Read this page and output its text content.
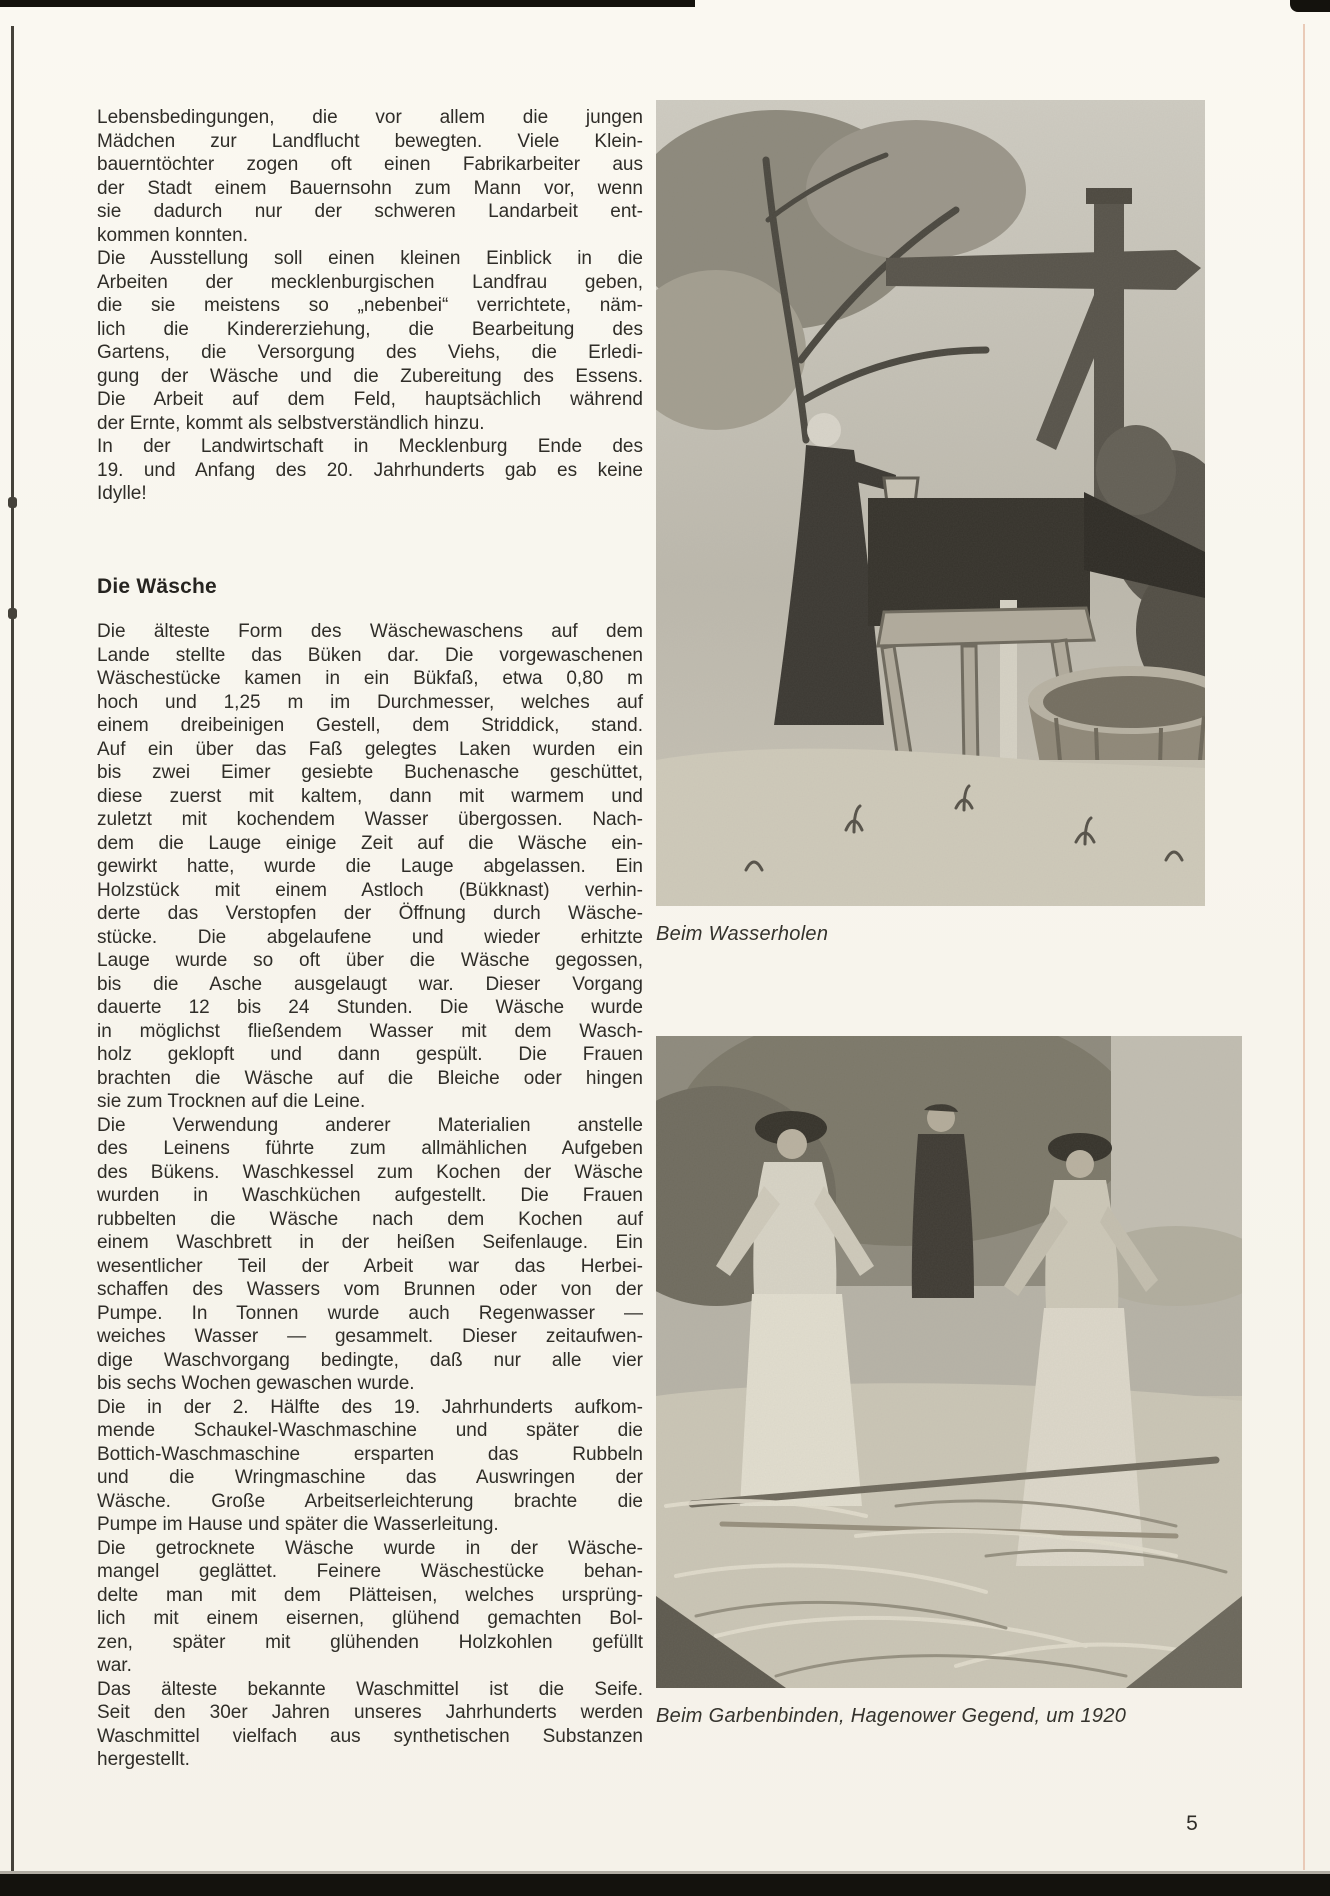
Lebensbedingungen, die vor allem die jungen
Mädchen zur Landflucht bewegten. Viele Klein-
bauerntöchter zogen oft einen Fabrikarbeiter aus
der Stadt einem Bauernsohn zum Mann vor, wenn
sie dadurch nur der schweren Landarbeit ent-
kommen konnten.
Die Ausstellung soll einen kleinen Einblick in die
Arbeiten der mecklenburgischen Landfrau geben,
die sie meistens so „nebenbei“ verrichtete, näm-
lich die Kindererziehung, die Bearbeitung des
Gartens, die Versorgung des Viehs, die Erledi-
gung der Wäsche und die Zubereitung des Essens.
Die Arbeit auf dem Feld, hauptsächlich während
der Ernte, kommt als selbstverständlich hinzu.
In der Landwirtschaft in Mecklenburg Ende des
19. und Anfang des 20. Jahrhunderts gab es keine
Idylle!
Die Wäsche
Die älteste Form des Wäschewaschens auf dem
Lande stellte das Büken dar. Die vorgewaschenen
Wäschestücke kamen in ein Bükfaß, etwa 0,80 m
hoch und 1,25 m im Durchmesser, welches auf
einem dreibeinigen Gestell, dem Striddick, stand.
Auf ein über das Faß gelegtes Laken wurden ein
bis zwei Eimer gesiebte Buchenasche geschüttet,
diese zuerst mit kaltem, dann mit warmem und
zuletzt mit kochendem Wasser übergossen. Nach-
dem die Lauge einige Zeit auf die Wäsche ein-
gewirkt hatte, wurde die Lauge abgelassen. Ein
Holzstück mit einem Astloch (Bükknast) verhin-
derte das Verstopfen der Öffnung durch Wäsche-
stücke. Die abgelaufene und wieder erhitzte
Lauge wurde so oft über die Wäsche gegossen,
bis die Asche ausgelaugt war. Dieser Vorgang
dauerte 12 bis 24 Stunden. Die Wäsche wurde
in möglichst fließendem Wasser mit dem Wasch-
holz geklopft und dann gespült. Die Frauen
brachten die Wäsche auf die Bleiche oder hingen
sie zum Trocknen auf die Leine.
Die Verwendung anderer Materialien anstelle
des Leinens führte zum allmählichen Aufgeben
des Bükens. Waschkessel zum Kochen der Wäsche
wurden in Waschküchen aufgestellt. Die Frauen
rubbelten die Wäsche nach dem Kochen auf
einem Waschbrett in der heißen Seifenlauge. Ein
wesentlicher Teil der Arbeit war das Herbei-
schaffen des Wassers vom Brunnen oder von der
Pumpe. In Tonnen wurde auch Regenwasser —
weiches Wasser — gesammelt. Dieser zeitaufwen-
dige Waschvorgang bedingte, daß nur alle vier
bis sechs Wochen gewaschen wurde.
Die in der 2. Hälfte des 19. Jahrhunderts aufkom-
mende Schaukel-Waschmaschine und später die
Bottich-Waschmaschine ersparten das Rubbeln
und die Wringmaschine das Auswringen der
Wäsche. Große Arbeitserleichterung brachte die
Pumpe im Hause und später die Wasserleitung.
Die getrocknete Wäsche wurde in der Wäsche-
mangel geglättet. Feinere Wäschestücke behan-
delte man mit dem Plätteisen, welches ursprüng-
lich mit einem eisernen, glühend gemachten Bol-
zen, später mit glühenden Holzkohlen gefüllt
war.
Das älteste bekannte Waschmittel ist die Seife.
Seit den 30er Jahren unseres Jahrhunderts werden
Waschmittel vielfach aus synthetischen Substanzen
hergestellt.
Beim Wasserholen
Beim Garbenbinden, Hagenower Gegend, um 1920
5
